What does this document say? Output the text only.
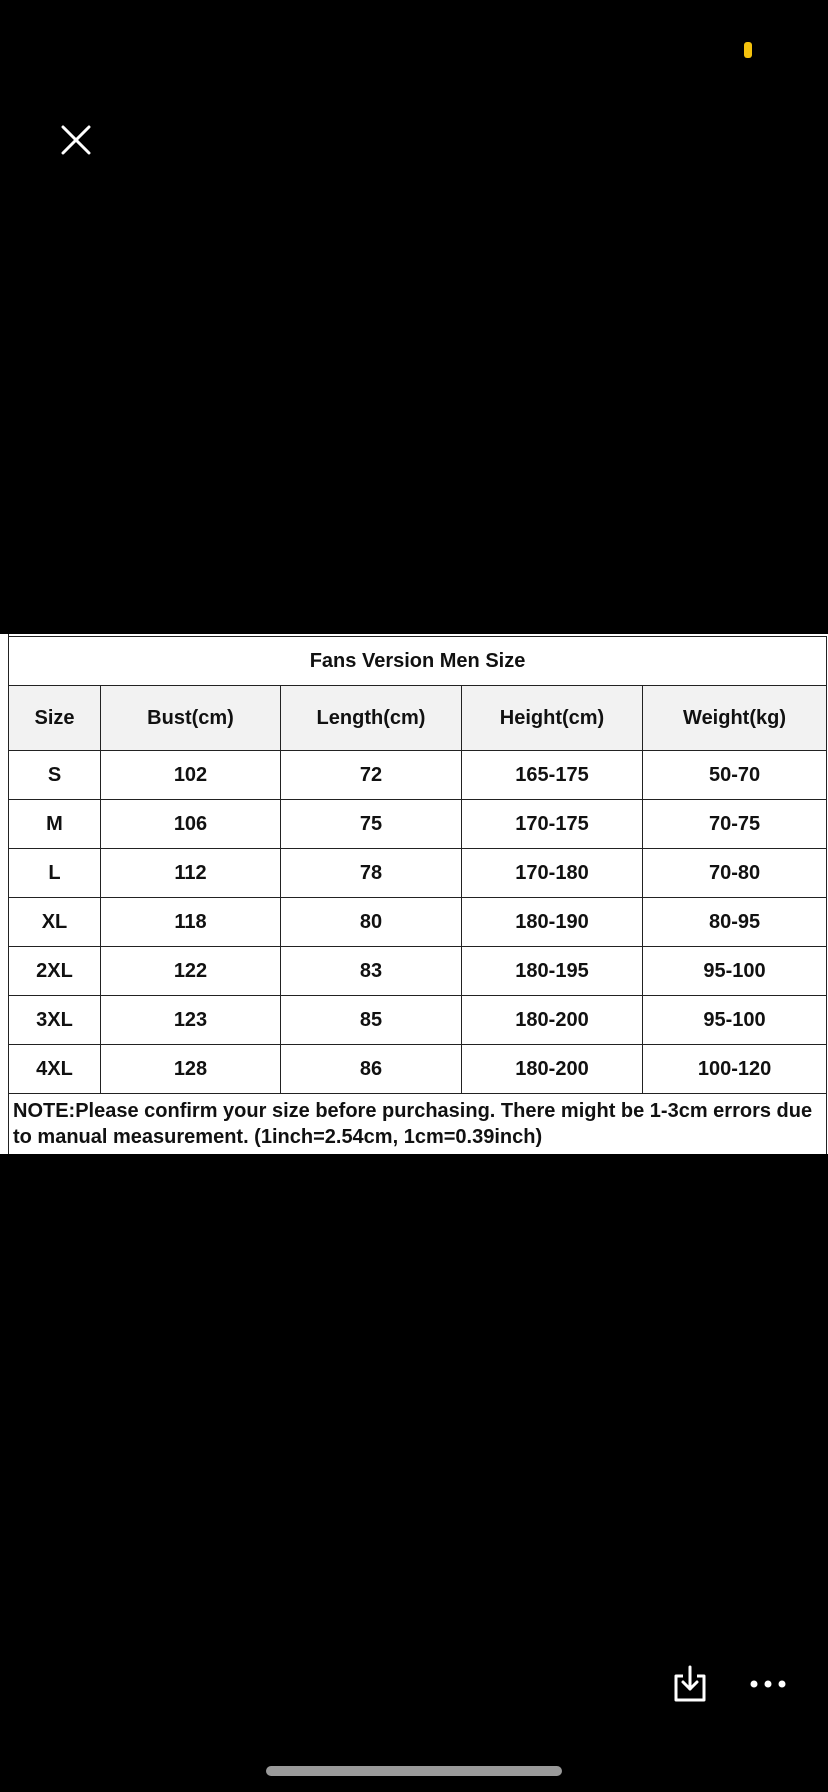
Fans Version Men Size				
Size	Bust(cm)	Length(cm)	Height(cm)	Weight(kg)
S	102	72	165-175	50-70
M	106	75	170-175	70-75
L	112	78	170-180	70-80
XL	118	80	180-190	80-95
2XL	122	83	180-195	95-100
3XL	123	85	180-200	95-100
4XL	128	86	180-200	100-120
NOTE:Please confirm your size before purchasing. There might be 1-3cm errors due to manual measurement. (1inch=2.54cm, 1cm=0.39inch)				
